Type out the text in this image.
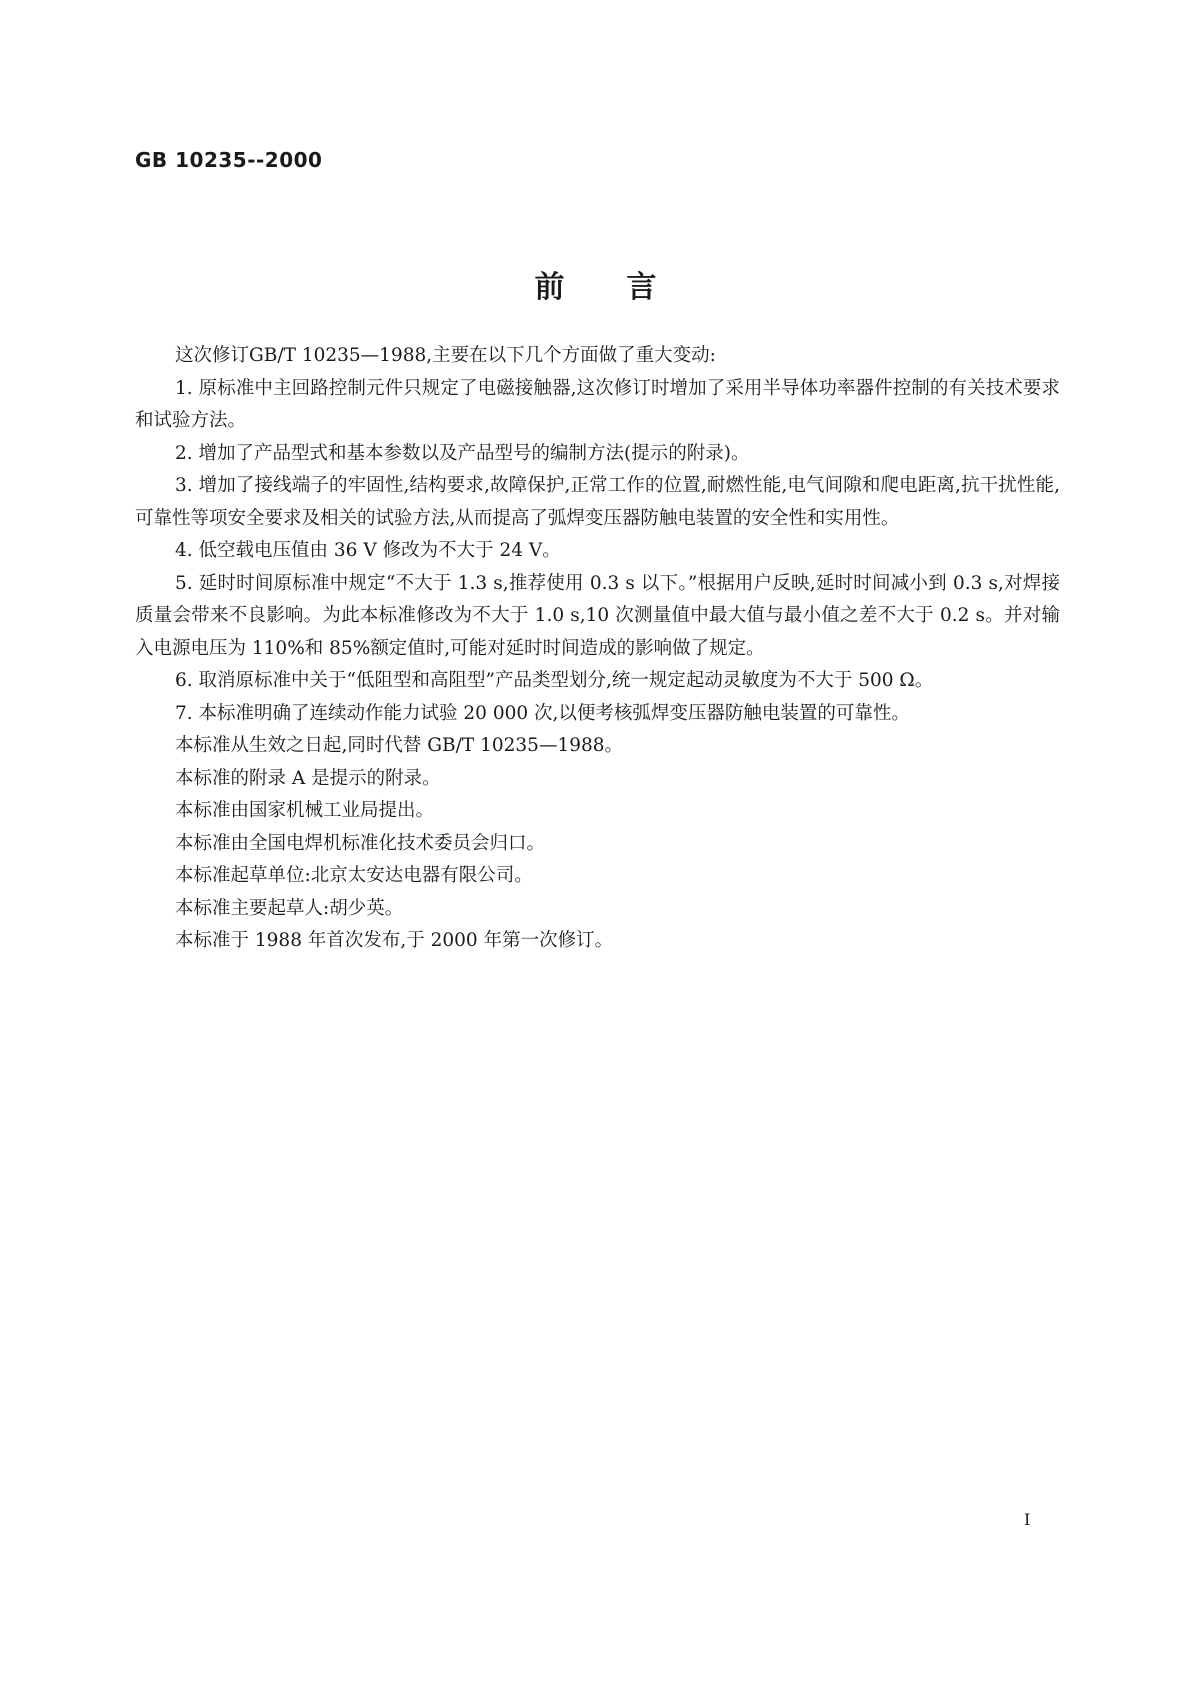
GB 10235--2000
前言

这次修订GB/T 10235—1988,主要在以下几个方面做了重大变动:

1. 原标准中主回路控制元件只规定了电磁接触器,这次修订时增加了采用半导体功率器件控制的有关技术要求和试验方法。

2. 增加了产品型式和基本参数以及产品型号的编制方法(提示的附录)。

3. 增加了接线端子的牢固性,结构要求,故障保护,正常工作的位置,耐燃性能,电气间隙和爬电距离,抗干扰性能,可靠性等项安全要求及相关的试验方法,从而提高了弧焊变压器防触电装置的安全性和实用性。

4. 低空载电压值由 36 V 修改为不大于 24 V。

5. 延时时间原标准中规定“不大于 1.3 s,推荐使用 0.3 s 以下。”根据用户反映,延时时间减小到 0.3 s,对焊接质量会带来不良影响。为此本标准修改为不大于 1.0 s,10 次测量值中最大值与最小值之差不大于 0.2 s。并对输入电源电压为 110%和 85%额定值时,可能对延时时间造成的影响做了规定。

6. 取消原标准中关于“低阻型和高阻型”产品类型划分,统一规定起动灵敏度为不大于 500 Ω。

7. 本标准明确了连续动作能力试验 20 000 次,以便考核弧焊变压器防触电装置的可靠性。

本标准从生效之日起,同时代替 GB/T 10235—1988。

本标准的附录 A 是提示的附录。

本标准由国家机械工业局提出。

本标准由全国电焊机标准化技术委员会归口。

本标准起草单位:北京太安达电器有限公司。

本标准主要起草人:胡少英。

本标准于 1988 年首次发布,于 2000 年第一次修订。

I
